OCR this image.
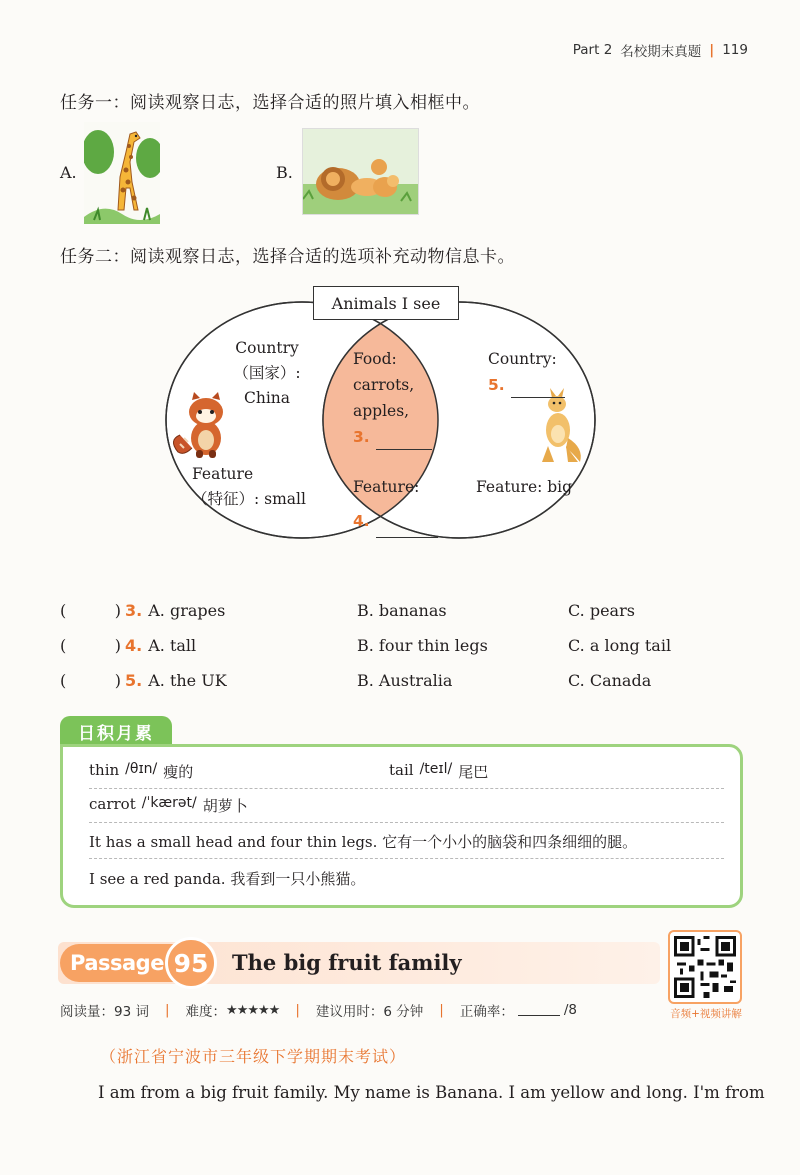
Part 2 名校期末真题 | 119
任务一：阅读观察日志，选择合适的照片填入相框中。
A.	B.
任务二：阅读观察日志，选择合适的选项补充动物信息卡。
Animals I see
Country
（国家）:
China
Feature
（特征）: small
Food:
carrots,
apples,
3.
Feature:
4.
Country:
5.
Feature: big
(	) 3. A. grapes	B. bananas	C. pears
(	) 4. A. tall	B. four thin legs	C. a long tail
(	) 5. A. the UK	B. Australia	C. Canada
日积月累
thin /θɪn/ 瘦的	tail /teɪl/ 尾巴
carrot /ˈkærət/ 胡萝卜
It has a small head and four thin legs. 它有一个小小的脑袋和四条细细的腿。
I see a red panda. 我看到一只小熊猫。
Passage 95	The big fruit family
音频+视频讲解
阅读量：93 词 | 难度： ★★★★★ | 建议用时：6 分钟 | 正确率：	/8
（浙江省宁波市三年级下学期期末考试）
I am from a big fruit family. My name is Banana. I am yellow and long. I'm from
